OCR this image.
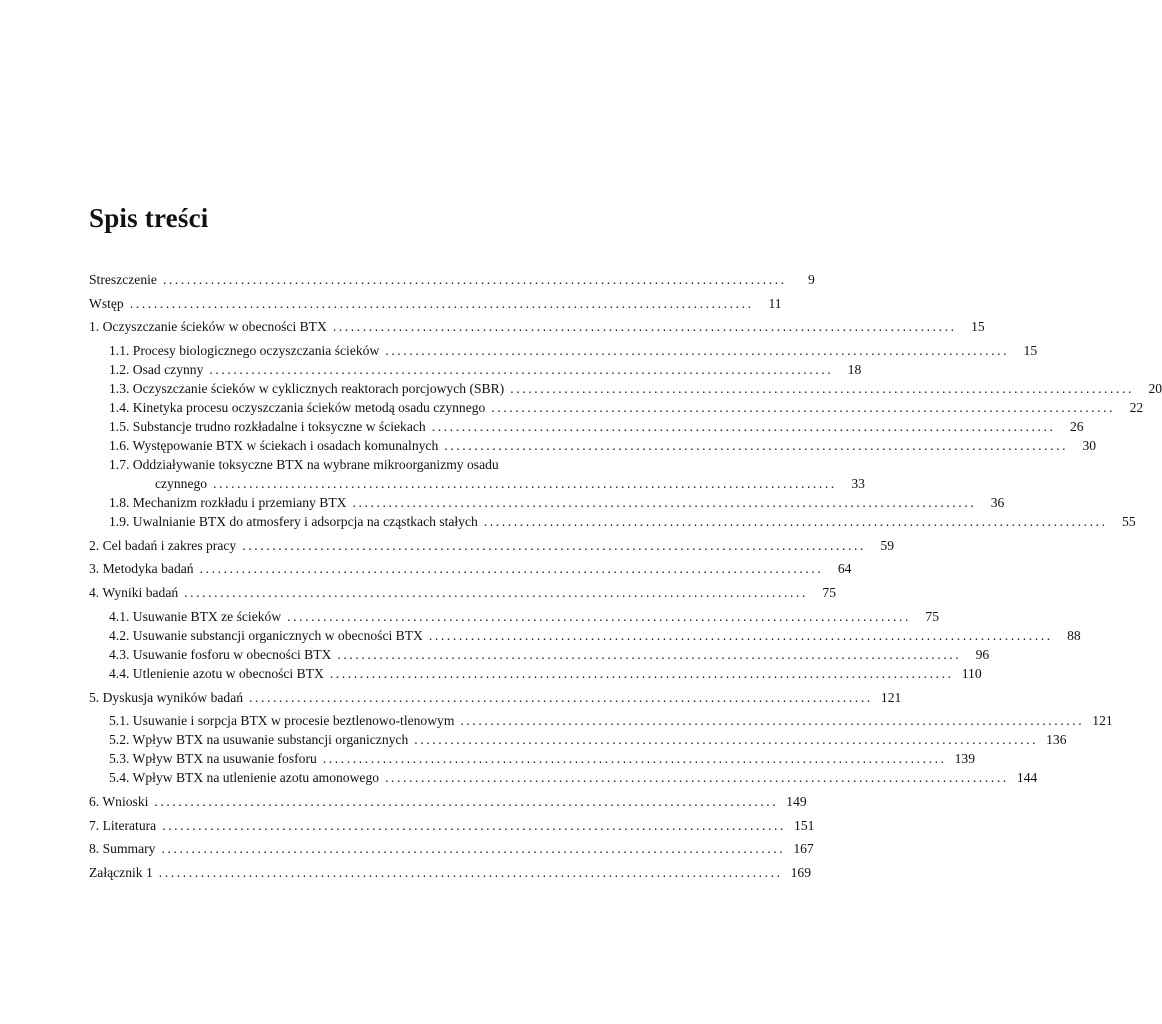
Spis treści
Streszczenie ........................................................................................................	9
Wstęp ........................................................................................................	11
1. Oczyszczanie ścieków w obecności BTX ........................................................................................................	15
1.1. Procesy biologicznego oczyszczania ścieków ........................................................................................................	15
1.2. Osad czynny ........................................................................................................	18
1.3. Oczyszczanie ścieków w cyklicznych reaktorach porcjowych (SBR) ........................................................................................................	20
1.4. Kinetyka procesu oczyszczania ścieków metodą osadu czynnego ........................................................................................................	22
1.5. Substancje trudno rozkładalne i toksyczne w ściekach ........................................................................................................	26
1.6. Występowanie BTX w ściekach i osadach komunalnych ........................................................................................................	30
1.7. Oddziaływanie toksyczne BTX na wybrane mikroorganizmy osadu
czynnego ........................................................................................................	33
1.8. Mechanizm rozkładu i przemiany BTX ........................................................................................................	36
1.9. Uwalnianie BTX do atmosfery i adsorpcja na cząstkach stałych ........................................................................................................	55
2. Cel badań i zakres pracy ........................................................................................................	59
3. Metodyka badań ........................................................................................................	64
4. Wyniki badań ........................................................................................................	75
4.1. Usuwanie BTX ze ścieków ........................................................................................................	75
4.2. Usuwanie substancji organicznych w obecności BTX ........................................................................................................	88
4.3. Usuwanie fosforu w obecności BTX ........................................................................................................	96
4.4. Utlenienie azotu w obecności BTX ........................................................................................................ 110
5. Dyskusja wyników badań ........................................................................................................ 121
5.1. Usuwanie i sorpcja BTX w procesie beztlenowo-tlenowym ........................................................................................................ 121
5.2. Wpływ BTX na usuwanie substancji organicznych ........................................................................................................ 136
5.3. Wpływ BTX na usuwanie fosforu ........................................................................................................ 139
5.4. Wpływ BTX na utlenienie azotu amonowego ........................................................................................................ 144
6. Wnioski ........................................................................................................ 149
7. Literatura ........................................................................................................ 151
8. Summary ........................................................................................................ 167
Załącznik 1 ........................................................................................................ 169
